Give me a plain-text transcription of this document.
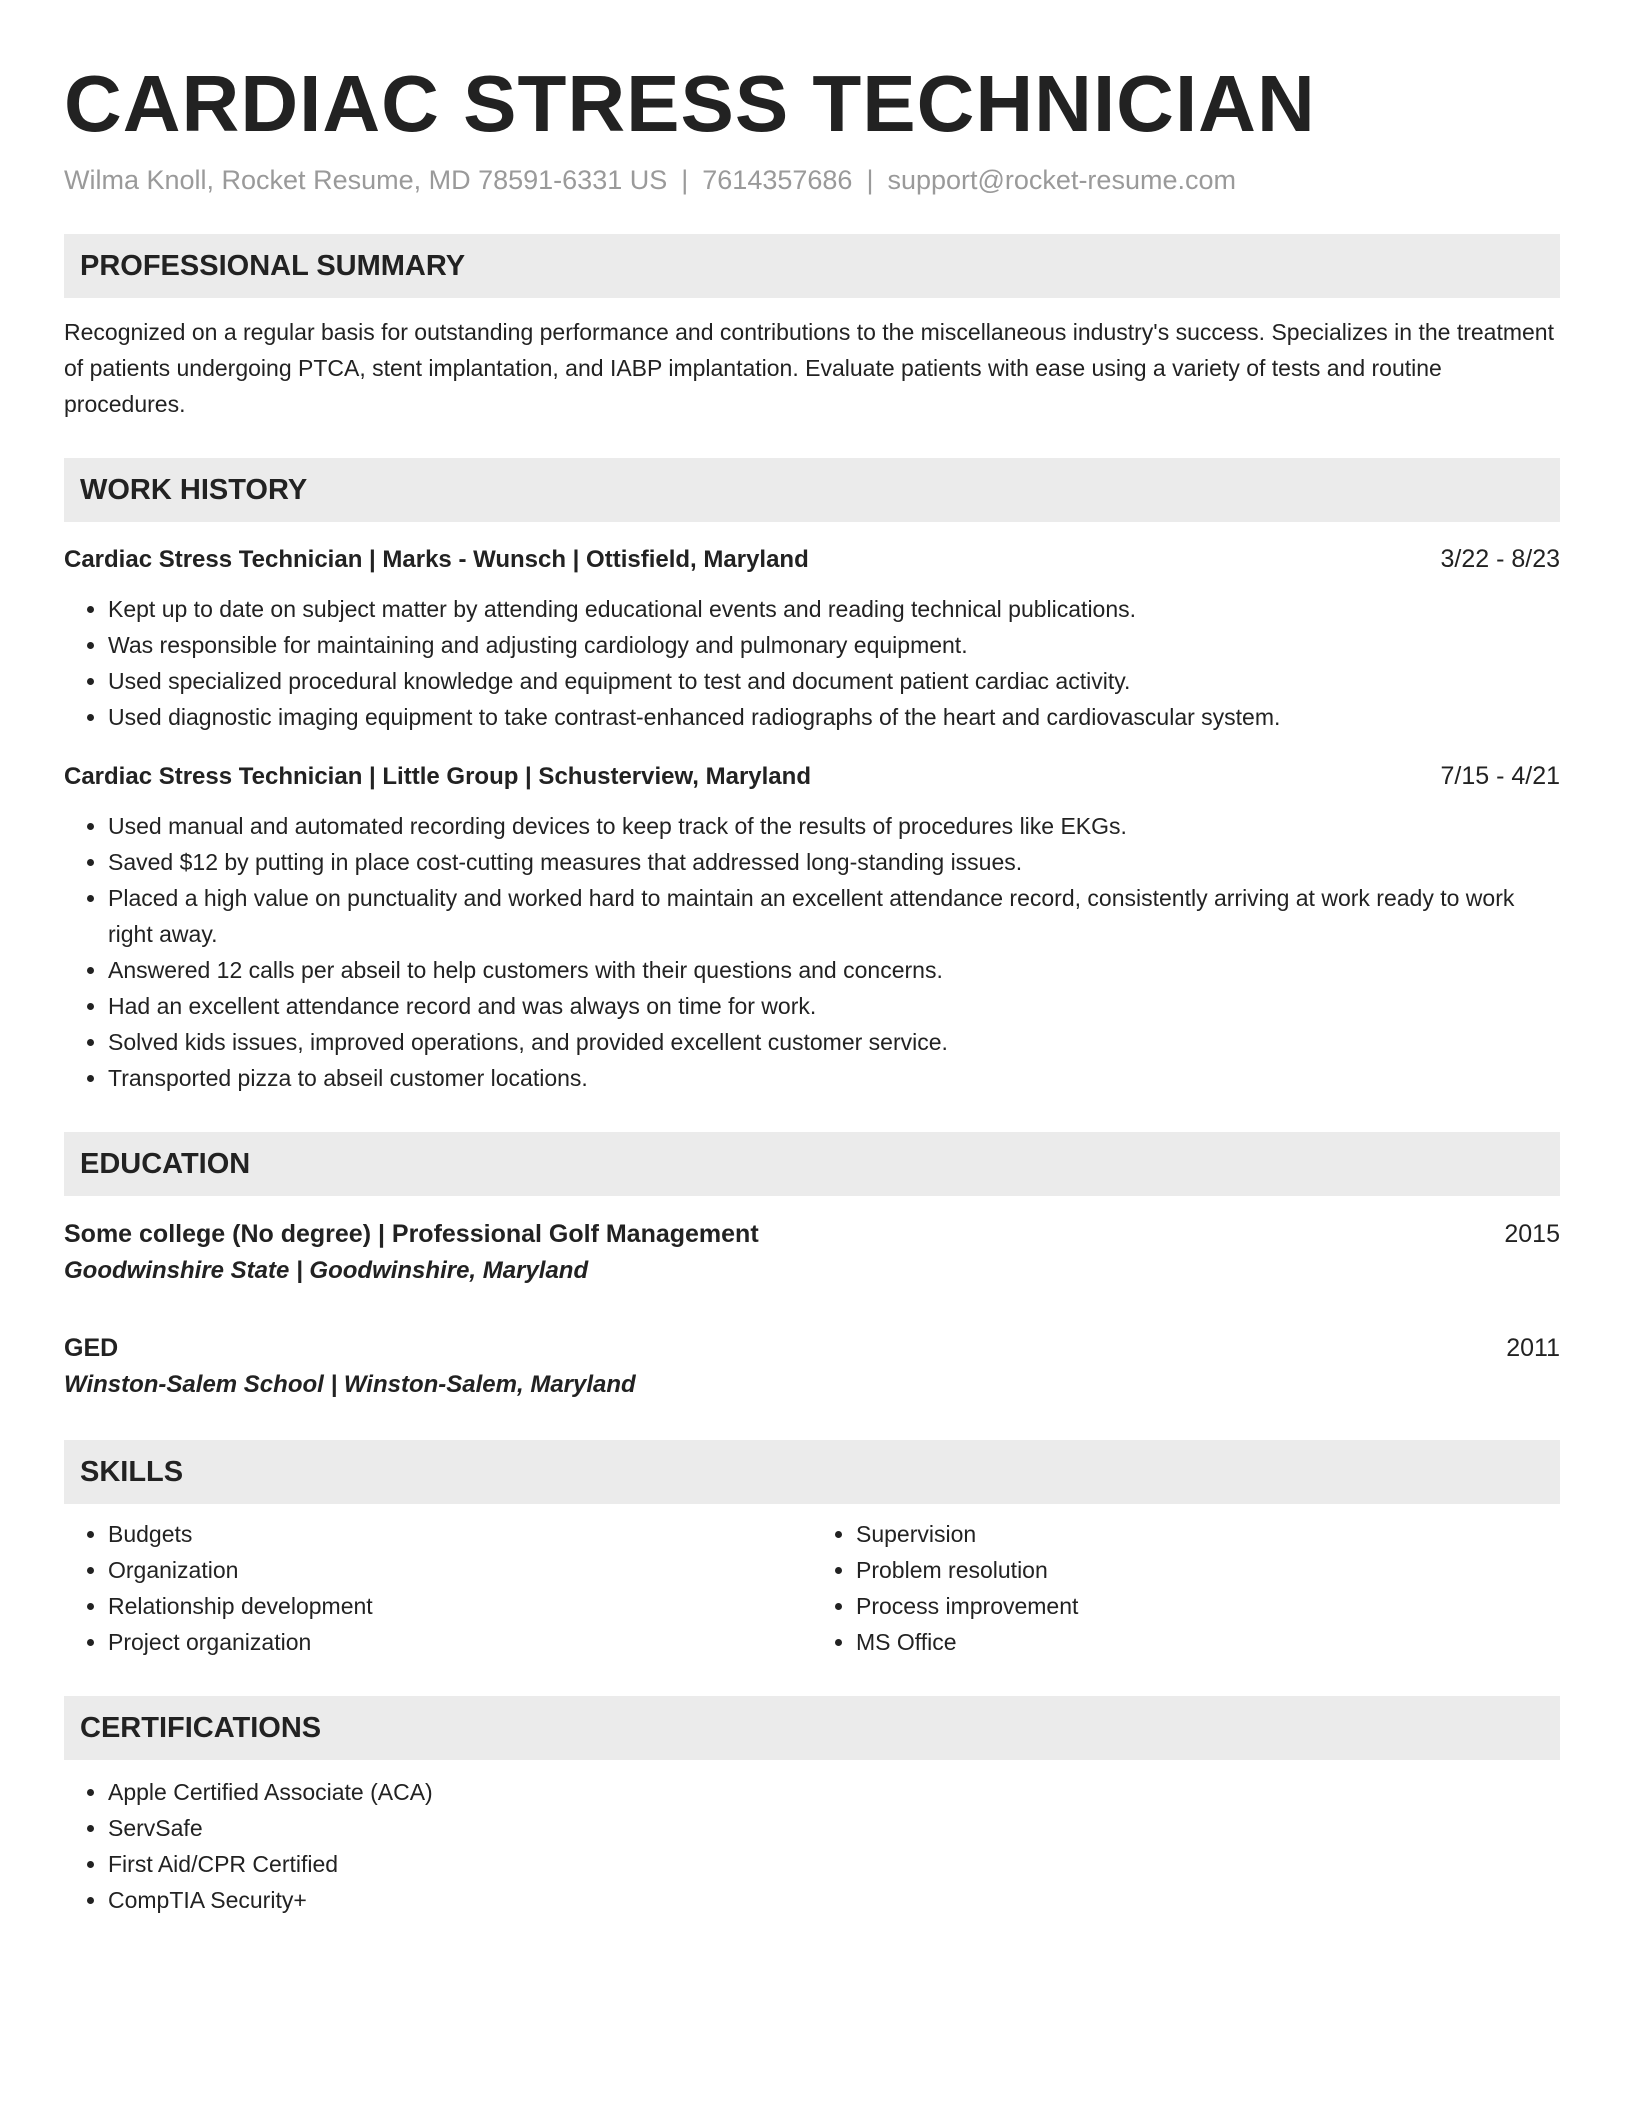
CARDIAC STRESS TECHNICIAN
Wilma Knoll, Rocket Resume, MD 78591-6331 US | 7614357686 | support@rocket-resume.com
PROFESSIONAL SUMMARY
Recognized on a regular basis for outstanding performance and contributions to the miscellaneous industry's success. Specializes in the treatment of patients undergoing PTCA, stent implantation, and IABP implantation. Evaluate patients with ease using a variety of tests and routine procedures.
WORK HISTORY
Cardiac Stress Technician | Marks - Wunsch | Ottisfield, Maryland	3/22 - 8/23
• Kept up to date on subject matter by attending educational events and reading technical publications.
• Was responsible for maintaining and adjusting cardiology and pulmonary equipment.
• Used specialized procedural knowledge and equipment to test and document patient cardiac activity.
• Used diagnostic imaging equipment to take contrast-enhanced radiographs of the heart and cardiovascular system.
Cardiac Stress Technician | Little Group | Schusterview, Maryland	7/15 - 4/21
• Used manual and automated recording devices to keep track of the results of procedures like EKGs.
• Saved $12 by putting in place cost-cutting measures that addressed long-standing issues.
• Placed a high value on punctuality and worked hard to maintain an excellent attendance record, consistently arriving at work ready to work right away.
• Answered 12 calls per abseil to help customers with their questions and concerns.
• Had an excellent attendance record and was always on time for work.
• Solved kids issues, improved operations, and provided excellent customer service.
• Transported pizza to abseil customer locations.
EDUCATION
Some college (No degree) | Professional Golf Management	2015
Goodwinshire State | Goodwinshire, Maryland
GED	2011
Winston-Salem School | Winston-Salem, Maryland
SKILLS
• Budgets
• Organization
• Relationship development
• Project organization
• Supervision
• Problem resolution
• Process improvement
• MS Office
CERTIFICATIONS
• Apple Certified Associate (ACA)
• ServSafe
• First Aid/CPR Certified
• CompTIA Security+
